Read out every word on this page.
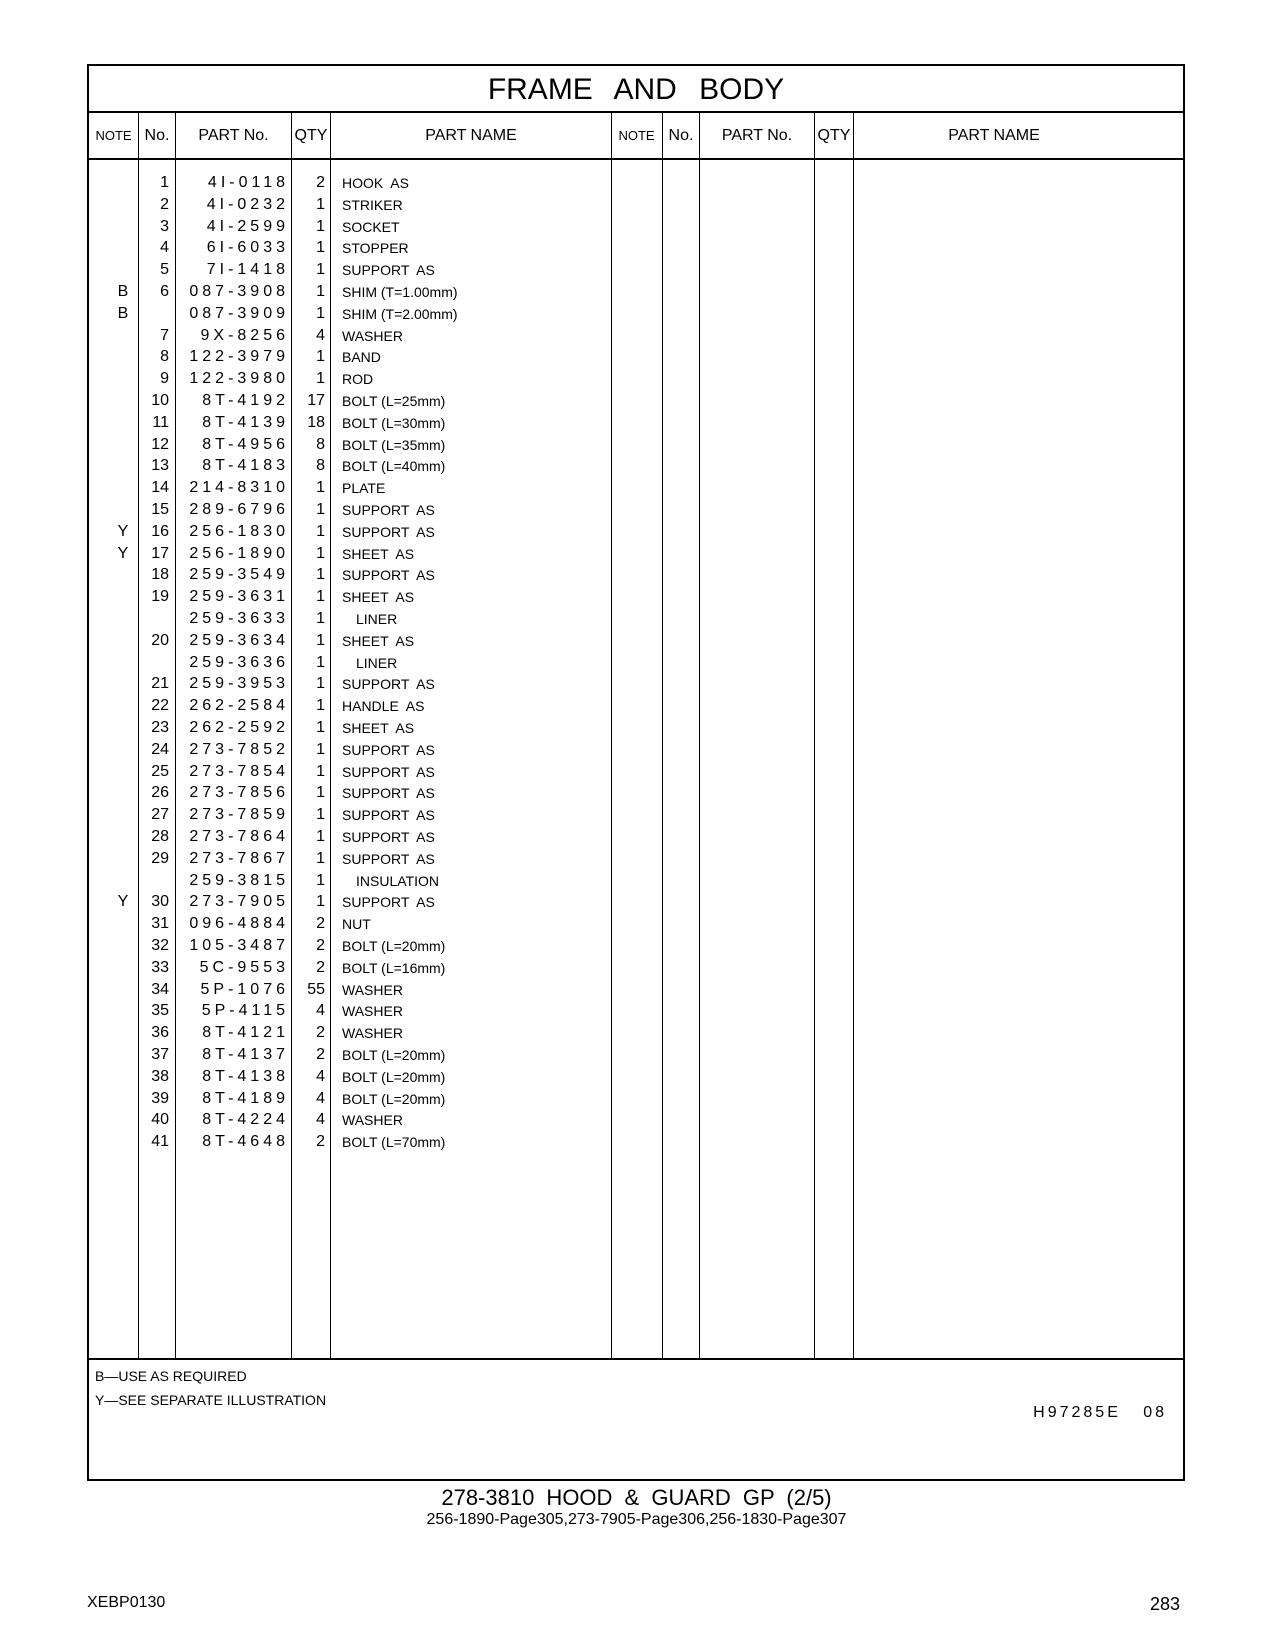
FRAME AND BODY
NOTE No.	PART No.	QTY	PART NAME	NOTE No.	PART No.	QTY	PART NAME
1	4I-0118	2 HOOK  AS
2	4I-0232	1 STRIKER
3	4I-2599	1 SOCKET
4	6I-6033	1 STOPPER
5	7I-1418	1 SUPPORT  AS
B	6	087-3908	1 SHIM (T=1.00mm)
B	087-3909	1 SHIM (T=2.00mm)
7	9X-8256	4 WASHER
8	122-3979	1 BAND
9	122-3980	1 ROD
10	8T-4192	17 BOLT (L=25mm)
11	8T-4139	18 BOLT (L=30mm)
12	8T-4956	8 BOLT (L=35mm)
13	8T-4183	8 BOLT (L=40mm)
14	214-8310	1 PLATE
15	289-6796	1 SUPPORT  AS
Y	16	256-1830	1 SUPPORT  AS
Y	17	256-1890	1 SHEET  AS
18	259-3549	1 SUPPORT  AS
19	259-3631	1 SHEET  AS
259-3633	1 LINER
20	259-3634	1 SHEET  AS
259-3636	1 LINER
21	259-3953	1 SUPPORT  AS
22	262-2584	1 HANDLE  AS
23	262-2592	1 SHEET  AS
24	273-7852	1 SUPPORT  AS
25	273-7854	1 SUPPORT  AS
26	273-7856	1 SUPPORT  AS
27	273-7859	1 SUPPORT  AS
28	273-7864	1 SUPPORT  AS
29	273-7867	1 SUPPORT  AS
259-3815	1 INSULATION
Y	30	273-7905	1 SUPPORT  AS
31	096-4884	2 NUT
32	105-3487	2 BOLT (L=20mm)
33	5C-9553	2 BOLT (L=16mm)
34	5P-1076	55 WASHER
35	5P-4115	4 WASHER
36	8T-4121	2 WASHER
37	8T-4137	2 BOLT (L=20mm)
38	8T-4138	4 BOLT (L=20mm)
39	8T-4189	4 BOLT (L=20mm)
40	8T-4224	4 WASHER
41	8T-4648	2 BOLT (L=70mm)
B—USE AS REQUIRED
Y—SEE SEPARATE ILLUSTRATION
H97285E   08
278-3810 HOOD & GUARD GP (2/5)
256-1890-Page305,273-7905-Page306,256-1830-Page307
XEBP0130	283
